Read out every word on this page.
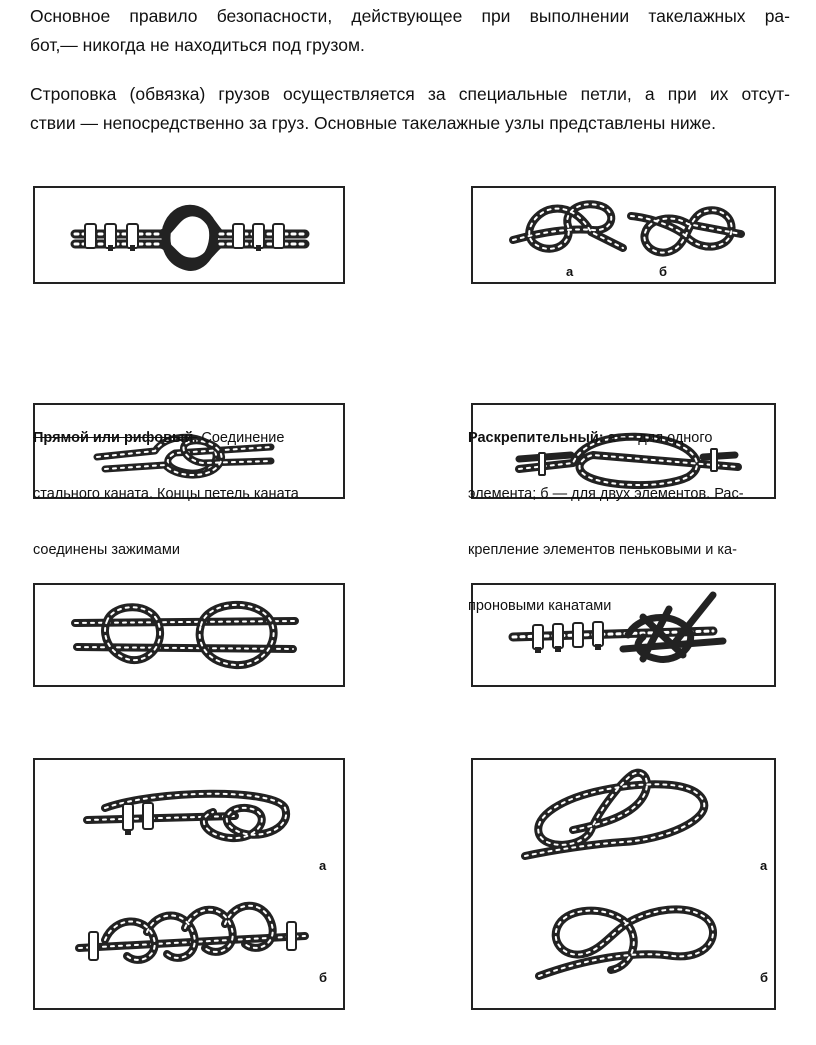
Основное правило безопасности, действующее при выполнении такелажных ра-
бот,— никогда не находиться под грузом.
Строповка (обвязка) грузов осуществляется за специальные петли, а при их отсут-
ствии — непосредственно за груз. Основные такелажные узлы представлены ниже.
а	б
а
б
а
б
Прямой или рифовый. Соединение
стального каната. Концы петель каната
соединены зажимами
Раскрепительный: а — для одного
элемента; б — для двух элементов. Рас-
крепление элементов пеньковыми и ка-
проновыми канатами
